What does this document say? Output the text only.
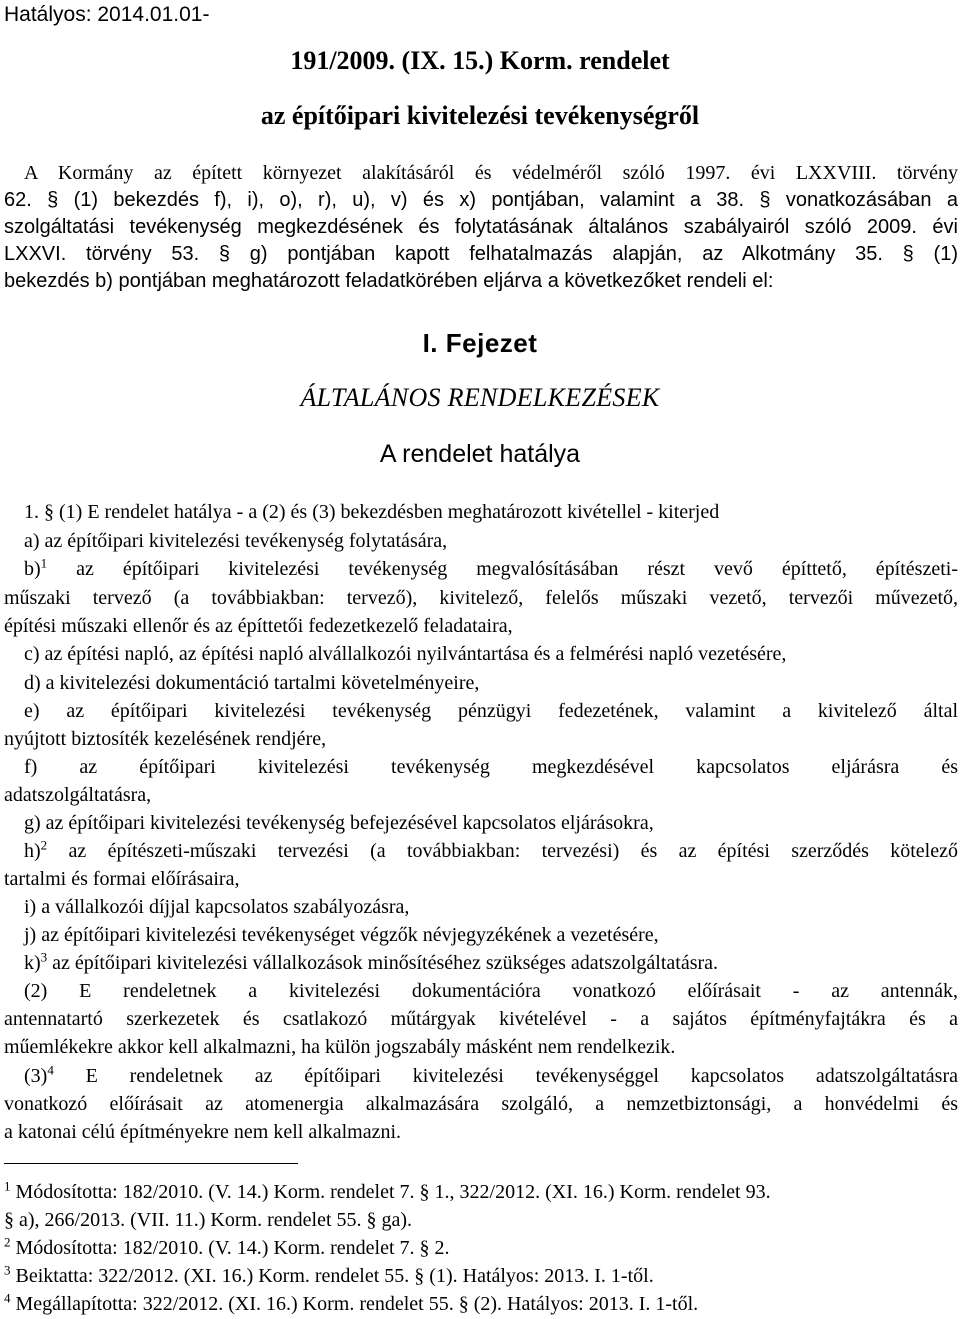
Hatályos: 2014.01.01-
191/2009. (IX. 15.) Korm. rendelet
az építőipari kivitelezési tevékenységről
A Kormány az épített környezet alakításáról és védelméről szóló 1997. évi LXXVIII. törvény
62. § (1) bekezdés f), i), o), r), u), v) és x) pontjában, valamint a 38. § vonatkozásában a
szolgáltatási tevékenység megkezdésének és folytatásának általános szabályairól szóló 2009. évi
LXXVI. törvény 53. § g) pontjában kapott felhatalmazás alapján, az Alkotmány 35. § (1)
bekezdés b) pontjában meghatározott feladatkörében eljárva a következőket rendeli el:
I. Fejezet
ÁLTALÁNOS RENDELKEZÉSEK
A rendelet hatálya
1. § (1) E rendelet hatálya - a (2) és (3) bekezdésben meghatározott kivétellel - kiterjed
a) az építőipari kivitelezési tevékenység folytatására,
b)$^1$ az építőipari kivitelezési tevékenység megvalósításában részt vevő építtető, építészeti-
műszaki tervező (a továbbiakban: tervező), kivitelező, felelős műszaki vezető, tervezői művezető,
építési műszaki ellenőr és az építtetői fedezetkezelő feladataira,
c) az építési napló, az építési napló alvállalkozói nyilvántartása és a felmérési napló vezetésére,
d) a kivitelezési dokumentáció tartalmi követelményeire,
e) az építőipari kivitelezési tevékenység pénzügyi fedezetének, valamint a kivitelező által
nyújtott biztosíték kezelésének rendjére,
f) az építőipari kivitelezési tevékenység megkezdésével kapcsolatos eljárásra és
adatszolgáltatásra,
g) az építőipari kivitelezési tevékenység befejezésével kapcsolatos eljárásokra,
h)$^2$ az építészeti-műszaki tervezési (a továbbiakban: tervezési) és az építési szerződés kötelező
tartalmi és formai előírásaira,
i) a vállalkozói díjjal kapcsolatos szabályozásra,
j) az építőipari kivitelezési tevékenységet végzők névjegyzékének a vezetésére,
k)$^3$ az építőipari kivitelezési vállalkozások minősítéséhez szükséges adatszolgáltatásra.
(2) E rendeletnek a kivitelezési dokumentációra vonatkozó előírásait - az antennák,
antennatartó szerkezetek és csatlakozó műtárgyak kivételével - a sajátos építményfajtákra és a
műemlékekre akkor kell alkalmazni, ha külön jogszabály másként nem rendelkezik.
$(3)^4$ E rendeletnek az építőipari kivitelezési tevékenységgel kapcsolatos adatszolgáltatásra
vonatkozó előírásait az atomenergia alkalmazására szolgáló, a nemzetbiztonsági, a honvédelmi és
a katonai célú építményekre nem kell alkalmazni.
$^1$ Módosította: 182/2010. (V. 14.) Korm. rendelet 7. § 1., 322/2012. (XI. 16.) Korm. rendelet 93.
§ a), 266/2013. (VII. 11.) Korm. rendelet 55. § ga).
$^2$ Módosította: 182/2010. (V. 14.) Korm. rendelet 7. § 2.
$^3$ Beiktatta: 322/2012. (XI. 16.) Korm. rendelet 55. § (1). Hatályos: 2013. I. 1-től.
$^4$ Megállapította: 322/2012. (XI. 16.) Korm. rendelet 55. § (2). Hatályos: 2013. I. 1-től.
